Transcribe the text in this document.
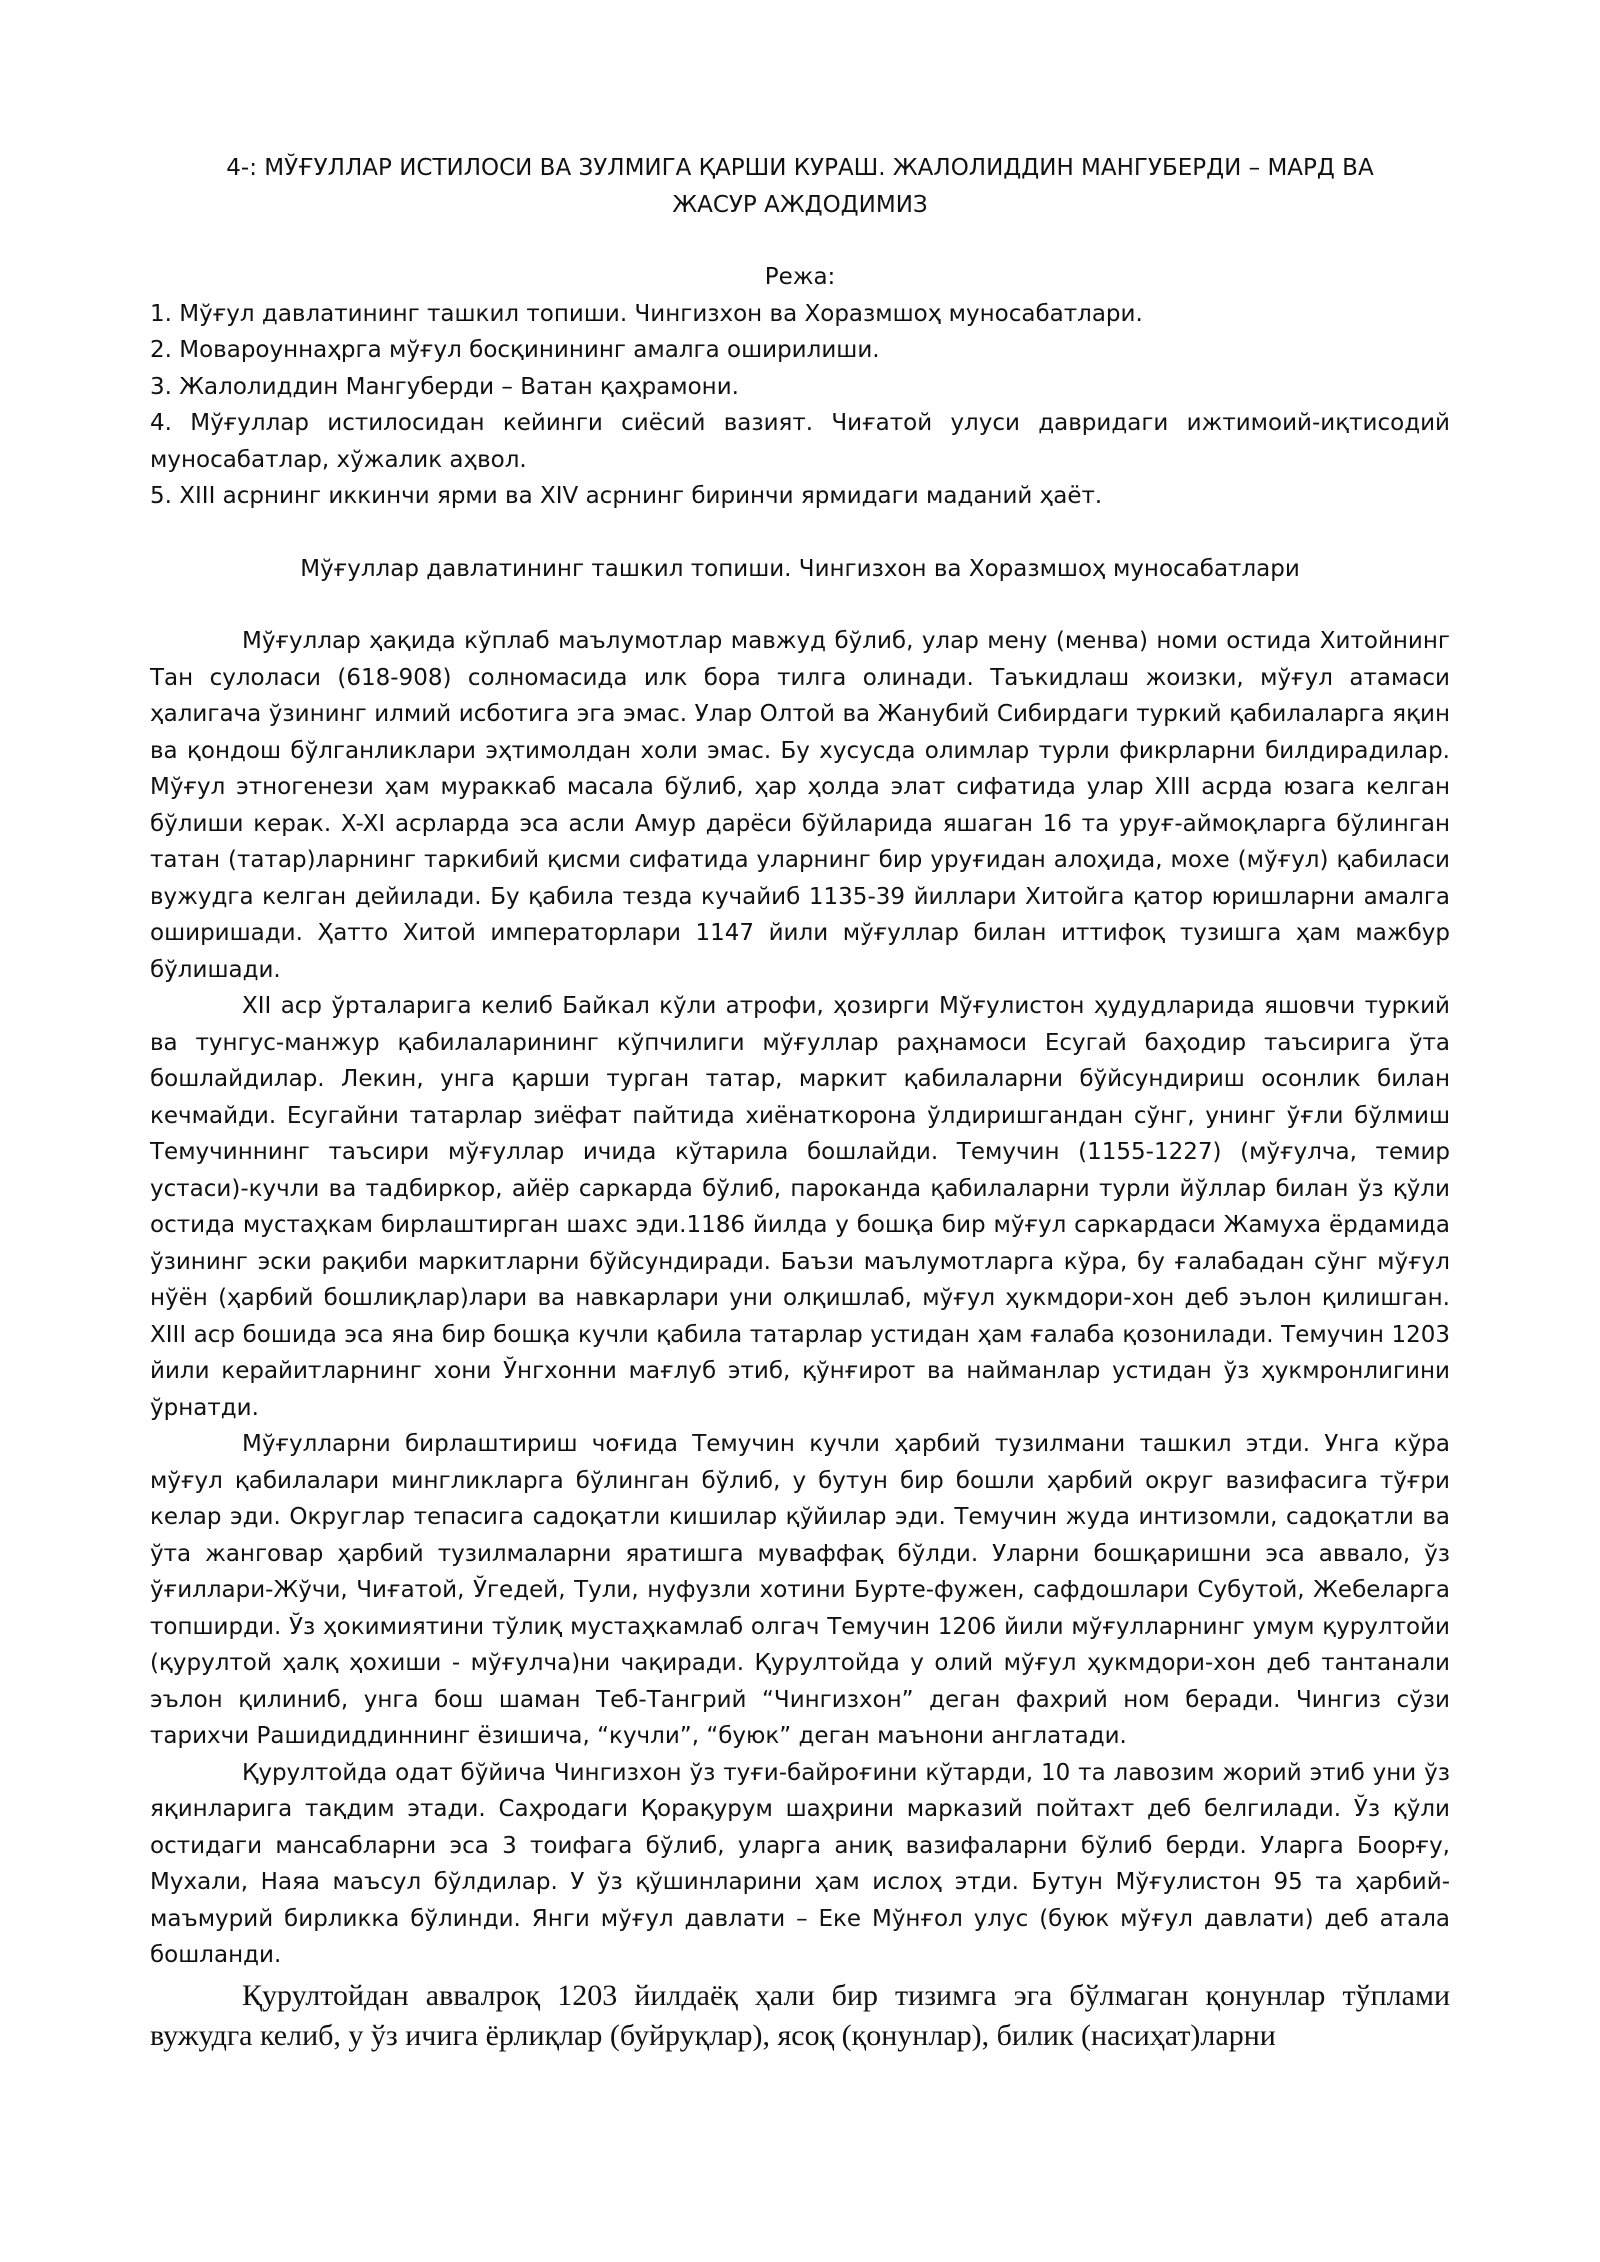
4-: МЎҒУЛЛАР ИСТИЛОСИ ВА ЗУЛМИГА ҚАРШИ КУРАШ. ЖАЛОЛИДДИН МАНГУБЕРДИ – МАРД ВА
ЖАСУР АЖДОДИМИЗ
Режа:
1. Мўғул давлатининг ташкил топиши. Чингизхон ва Хоразмшоҳ муносабатлари.
2. Мовароуннаҳрга мўғул босқинининг амалга оширилиши.
3. Жалолиддин Мангуберди – Ватан қаҳрамони.
4. Мўғуллар истилосидан кейинги сиёсий вазият. Чиғатой улуси давридаги ижтимоий-иқтисодий муносабатлар, хўжалик аҳвол.
5. XIII асрнинг иккинчи ярми ва XIV асрнинг биринчи ярмидаги маданий ҳаёт.
Мўғуллар давлатининг ташкил топиши. Чингизхон ва Хоразмшоҳ муносабатлари

Мўғуллар ҳақида кўплаб маълумотлар мавжуд бўлиб, улар мену (менва) номи остида Хитойнинг Тан сулоласи (618-908) солномасида илк бора тилга олинади. Таъкидлаш жоизки, мўғул атамаси ҳалигача ўзининг илмий исботига эга эмас. Улар Олтой ва Жанубий Сибирдаги туркий қабилаларга яқин ва қондош бўлганликлари эҳтимолдан холи эмас. Бу хусусда олимлар турли фикрларни билдирадилар. Мўғул этногенези ҳам мураккаб масала бўлиб, ҳар ҳолда элат сифатида улар XIII асрда юзага келган бўлиши керак. X-XI асрларда эса асли Амур дарёси бўйларида яшаган 16 та уруғ-аймоқларга бўлинган татан (татар)ларнинг таркибий қисми сифатида уларнинг бир уруғидан алоҳида, мохе (мўғул) қабиласи вужудга келган дейилади. Бу қабила тезда кучайиб 1135-39 йиллари Хитойга қатор юришларни амалга оширишади. Ҳатто Хитой императорлари 1147 йили мўғуллар билан иттифоқ тузишга ҳам мажбур бўлишади.

XII аср ўрталарига келиб Байкал кўли атрофи, ҳозирги Мўғулистон ҳудудларида яшовчи туркий ва тунгус-манжур қабилаларининг кўпчилиги мўғуллар раҳнамоси Есугай баҳодир таъсирига ўта бошлайдилар. Лекин, унга қарши турган татар, маркит қабилаларни бўйсундириш осонлик билан кечмайди. Есугайни татарлар зиёфат пайтида хиёнаткорона ўлдиришгандан сўнг, унинг ўғли бўлмиш Темучиннинг таъсири мўғуллар ичида кўтарила бошлайди. Темучин (1155-1227) (мўғулча, темир устаси)-кучли ва тадбиркор, айёр саркарда бўлиб, пароканда қабилаларни турли йўллар билан ўз қўли остида мустаҳкам бирлаштирган шахс эди.1186 йилда у бошқа бир мўғул саркардаси Жамуха ёрдамида ўзининг эски рақиби маркитларни бўйсундиради. Баъзи маълумотларга кўра, бу ғалабадан сўнг мўғул нўён (ҳарбий бошлиқлар)лари ва навкарлари уни олқишлаб, мўғул ҳукмдори-хон деб эълон қилишган. XIII аср бошида эса яна бир бошқа кучли қабила татарлар устидан ҳам ғалаба қозонилади. Темучин 1203 йили керайитларнинг хони Ўнгхонни мағлуб этиб, қўнғирот ва найманлар устидан ўз ҳукмронлигини ўрнатди.

Мўғулларни бирлаштириш чоғида Темучин кучли ҳарбий тузилмани ташкил этди. Унга кўра мўғул қабилалари мингликларга бўлинган бўлиб, у бутун бир бошли ҳарбий округ вазифасига тўғри келар эди. Округлар тепасига садоқатли кишилар қўйилар эди. Темучин жуда интизомли, садоқатли ва ўта жанговар ҳарбий тузилмаларни яратишга муваффақ бўлди. Уларни бошқаришни эса аввало, ўз ўғиллари-Жўчи, Чиғатой, Ўгедей, Тули, нуфузли хотини Бурте-фужен, сафдошлари Субутой, Жебеларга топширди. Ўз ҳокимиятини тўлиқ мустаҳкамлаб олгач Темучин 1206 йили мўғулларнинг умум қурултойи (қурултой ҳалқ ҳохиши - мўғулча)ни чақиради. Қурултойда у олий мўғул ҳукмдори-хон деб тантанали эълон қилиниб, унга бош шаман Теб-Тангрий “Чингизхон” деган фахрий ном беради. Чингиз сўзи тарихчи Рашидиддиннинг ёзишича, “кучли”, “буюк” деган маънони англатади.

Қурултойда одат бўйича Чингизхон ўз туғи-байроғини кўтарди, 10 та лавозим жорий этиб уни ўз яқинларига тақдим этади. Саҳродаги Қорақурум шаҳрини марказий пойтахт деб белгилади. Ўз қўли остидаги мансабларни эса 3 тоифага бўлиб, уларга аниқ вазифаларни бўлиб берди. Уларга Боорғу, Мухали, Наяа маъсул бўлдилар. У ўз қўшинларини ҳам ислоҳ этди. Бутун Мўғулистон 95 та ҳарбий-маъмурий бирликка бўлинди. Янги мўғул давлати – Еке Мўнғол улус (буюк мўғул давлати) деб атала бошланди.

Қурултойдан аввалроқ 1203 йилдаёқ ҳали бир тизимга эга бўлмаган қонунлар тўплами вужудга келиб, у ўз ичига ёрлиқлар (буйруқлар), ясоқ (қонунлар), билик (насиҳат)ларни
